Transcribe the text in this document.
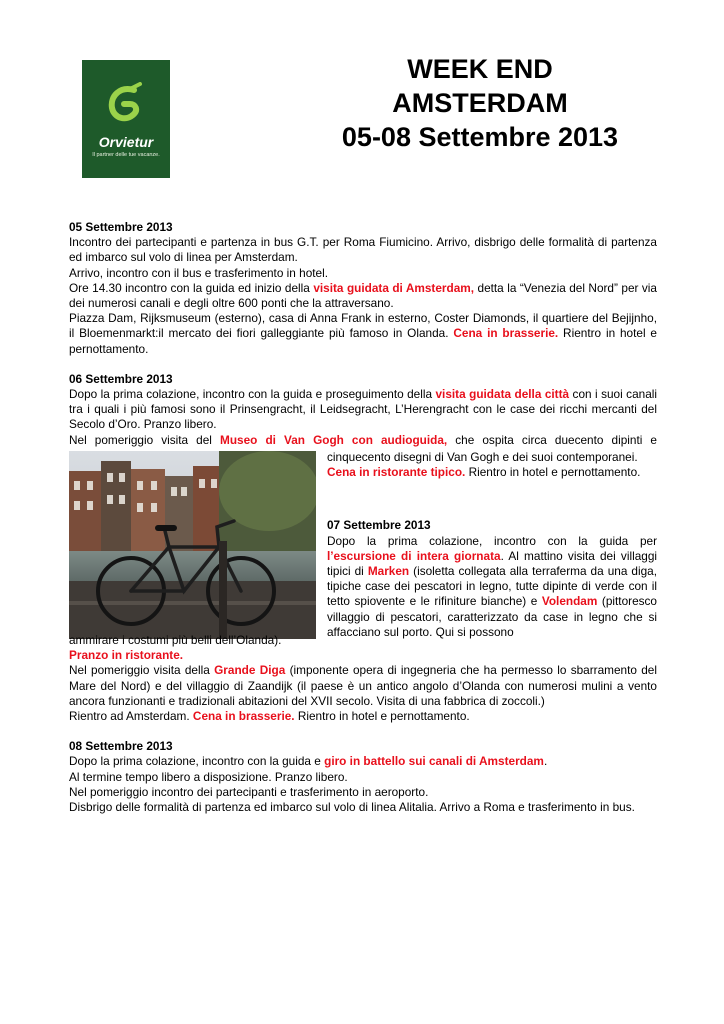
Orvietur
Il partner delle tue vacanze.
WEEK END
AMSTERDAM
05-08 Settembre 2013

05 Settembre 2013

Incontro dei partecipanti e partenza in bus G.T. per Roma Fiumicino. Arrivo, disbrigo delle formalità di partenza ed imbarco sul volo di linea per Amsterdam.

Arrivo, incontro con il bus e trasferimento in hotel.

Ore 14.30 incontro con la guida ed inizio della visita guidata di Amsterdam, detta la “Venezia del Nord” per via dei numerosi canali e degli oltre 600 ponti che la attraversano.

Piazza Dam, Rijksmuseum (esterno), casa di Anna Frank in esterno, Coster Diamonds, il quartiere del Bejijnho, il Bloemenmarkt:il mercato dei fiori galleggiante più famoso in Olanda. Cena in brasserie. Rientro in hotel e pernottamento.

06 Settembre 2013

Dopo la prima colazione, incontro con la guida e proseguimento della visita guidata della città con i suoi canali tra i quali i più famosi sono il Prinsengracht, il Leidsegracht, L’Herengracht con le case dei ricchi mercanti del Secolo d’Oro. Pranzo libero.

Nel pomeriggio visita del Museo di Van Gogh con audioguida, che ospita circa duecento dipinti e

cinquecento disegni di Van Gogh e dei suoi contemporanei.

Cena in ristorante tipico. Rientro in hotel e pernottamento.

07 Settembre 2013

Dopo la prima colazione, incontro con la guida per l’escursione di intera giornata. Al mattino visita dei villaggi tipici di Marken (isoletta collegata alla terraferma da una diga, tipiche case dei pescatori in legno, tutte dipinte di verde con il tetto spiovente e le rifiniture bianche) e Volendam (pittoresco villaggio di pescatori, caratterizzato da case in legno che si affacciano sul porto. Qui si possono

ammirare i costumi più belli dell’Olanda).

Pranzo in ristorante.

Nel pomeriggio visita della Grande Diga (imponente opera di ingegneria che ha permesso lo sbarramento del Mare del Nord) e del villaggio di Zaandijk (il paese è un antico angolo d’Olanda con numerosi mulini a vento ancora funzionanti e tradizionali abitazioni del XVII secolo. Visita di una fabbrica di zoccoli.)

Rientro ad Amsterdam. Cena in brasserie. Rientro in hotel e pernottamento.

08 Settembre 2013

Dopo la prima colazione, incontro con la guida e giro in battello sui canali di Amsterdam.

Al termine tempo libero a disposizione. Pranzo libero.

Nel pomeriggio incontro dei partecipanti e trasferimento in aeroporto.

Disbrigo delle formalità di partenza ed imbarco sul volo di linea Alitalia. Arrivo a Roma e trasferimento in bus.
